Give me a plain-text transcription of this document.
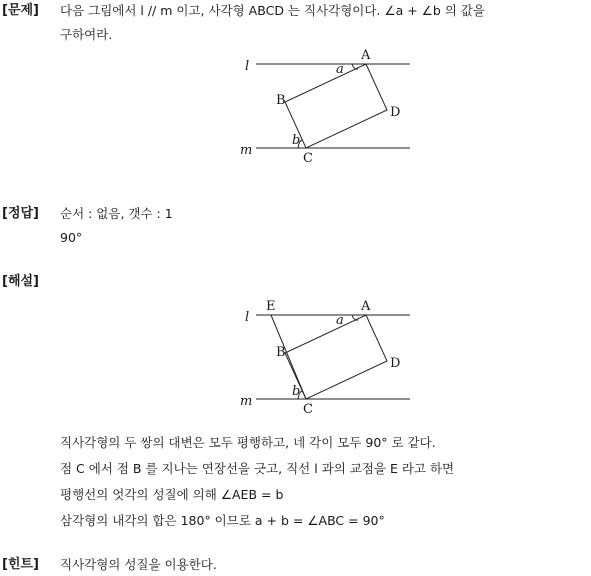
[문제] 다음 그림에서 l // m 이고, 사각형 ABCD 는 직사각형이다. ∠a + ∠b 의 값을
구하여라.
l
m
A
B
C
D
a
b
l
m
E	A
B
C
D
a
b
[정답] 순서 : 없음, 갯수 : 1
90°
[해설]
직사각형의 두 쌍의 대변은 모두 평행하고, 네 각이 모두 90° 로 같다.
점 C 에서 점 B 를 지나는 연장선을 긋고, 직선 l 과의 교점을 E 라고 하면
평행선의 엇각의 성질에 의해 ∠AEB = b
삼각형의 내각의 합은 180° 이므로 a + b = ∠ABC = 90°
[힌트] 직사각형의 성질을 이용한다.
